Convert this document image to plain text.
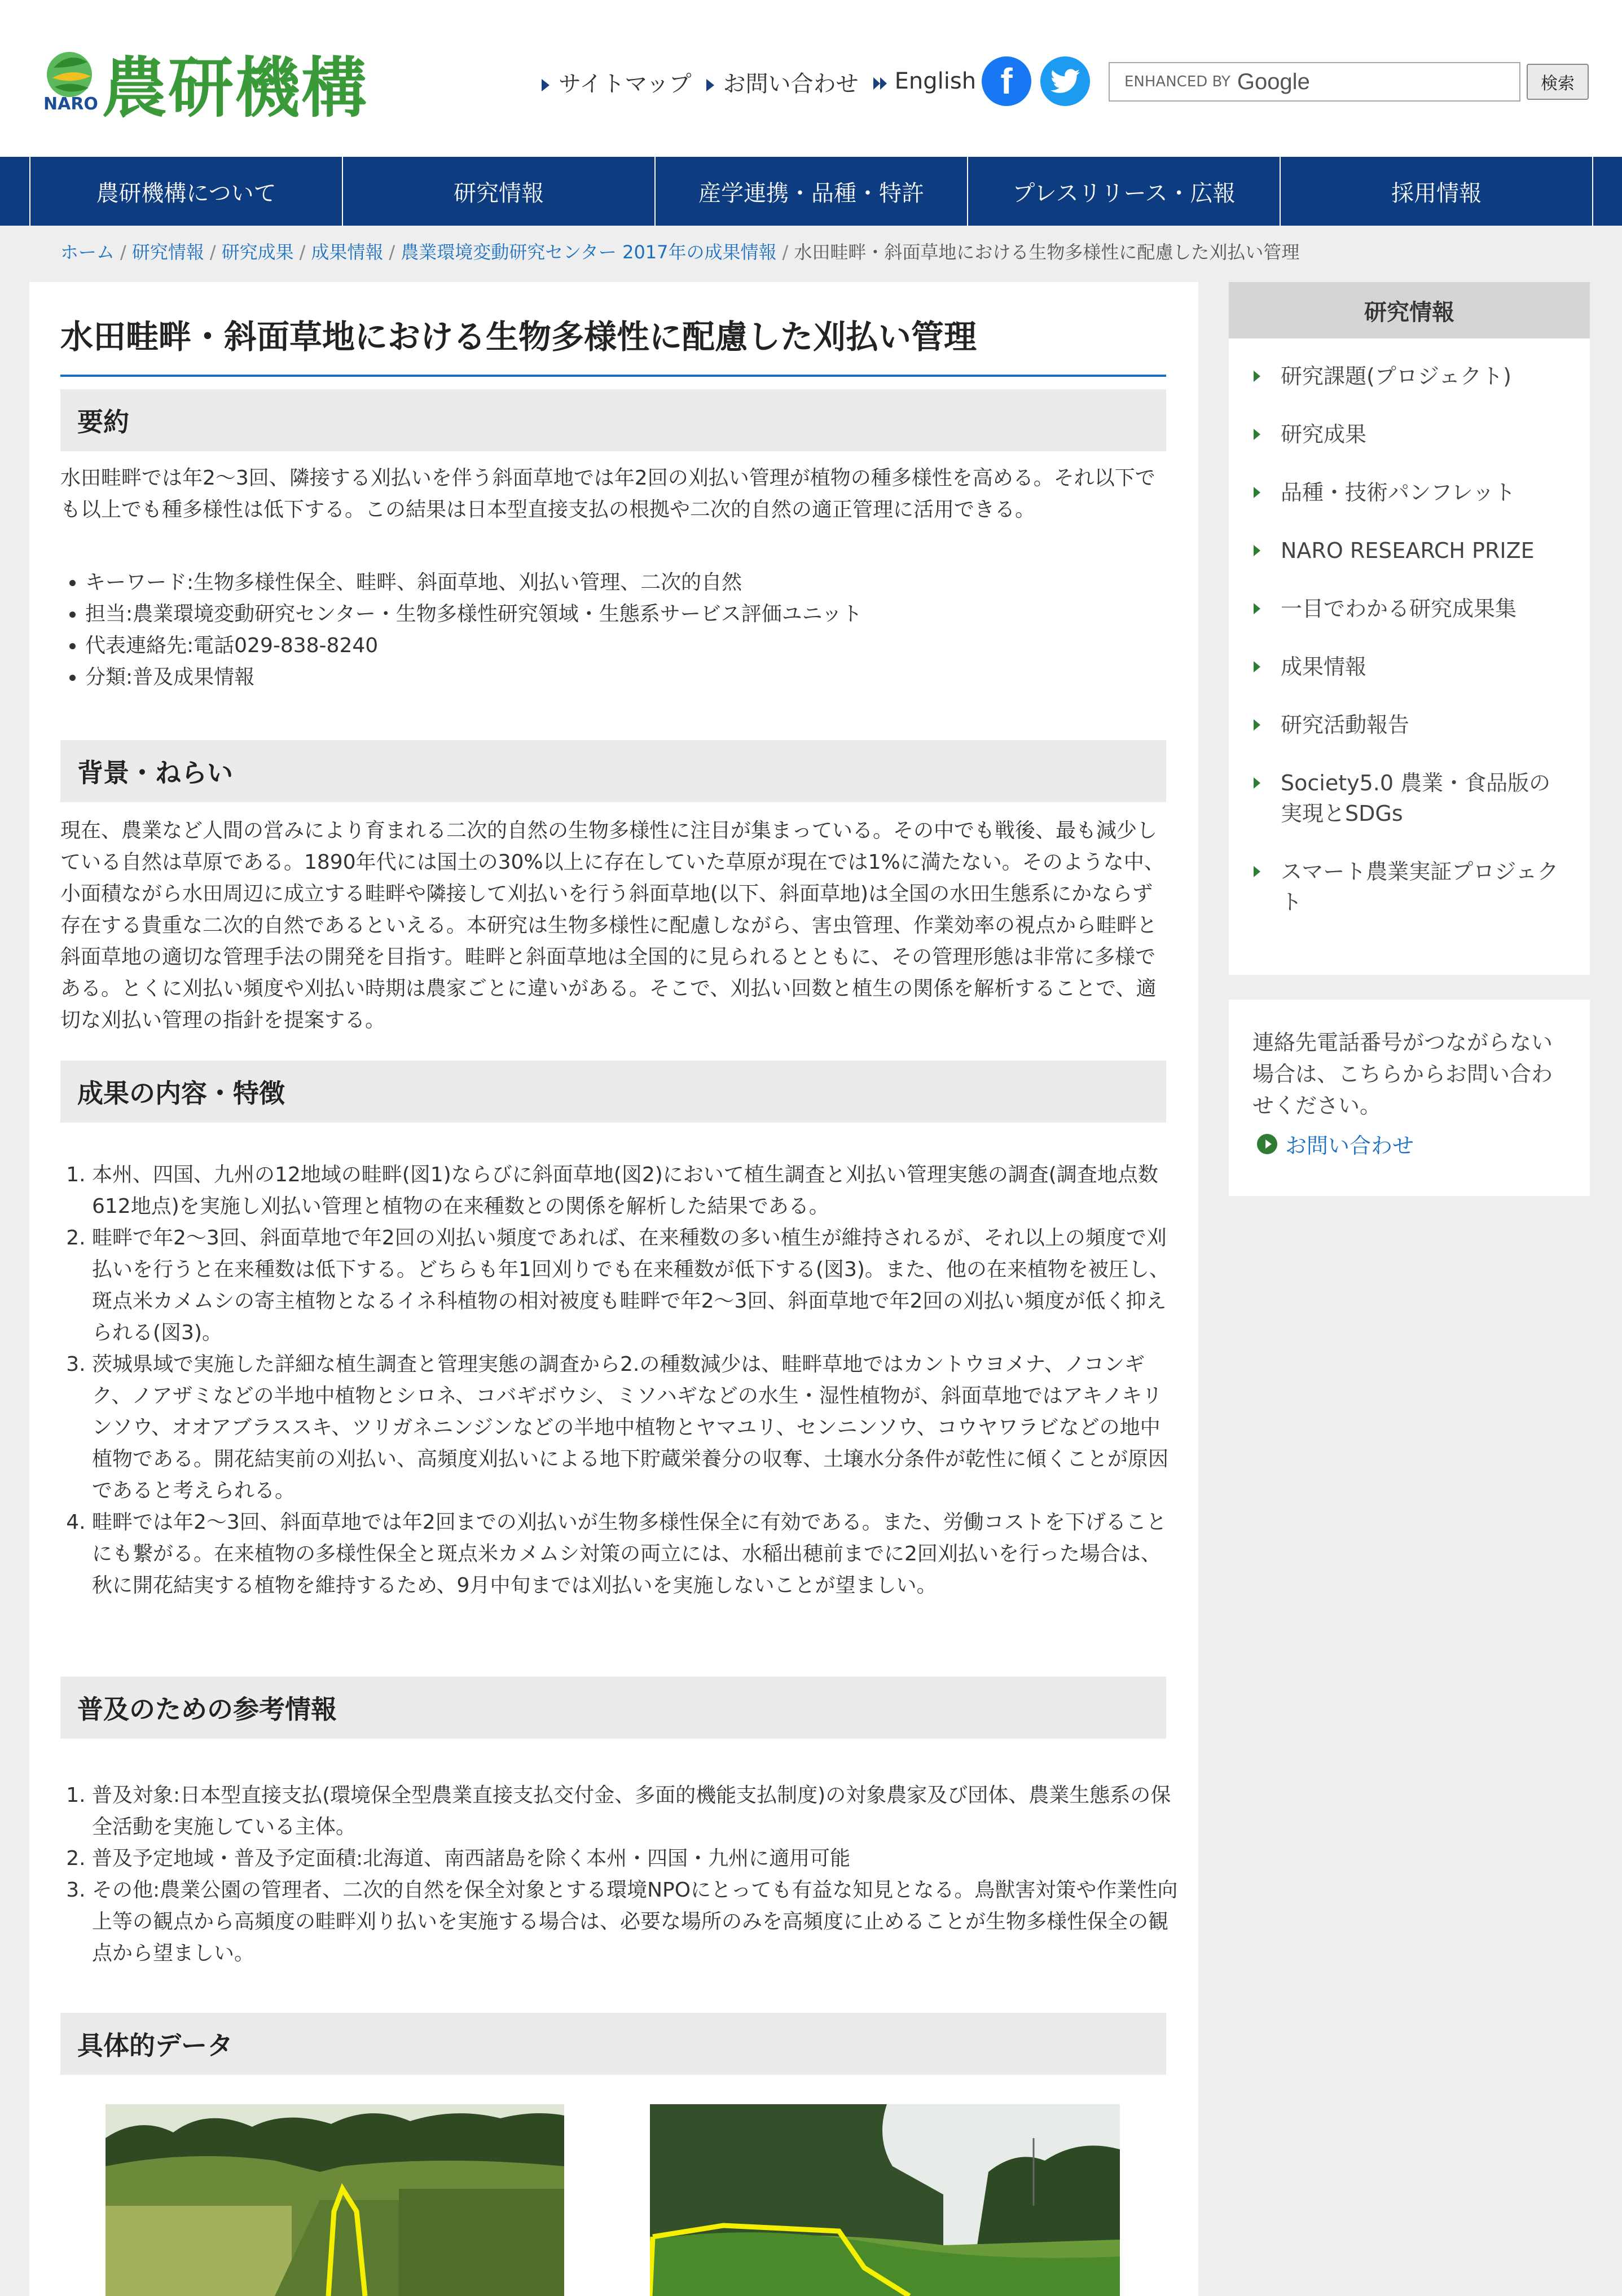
NARO 農研機構	サイトマップ	お問い合わせ	English f	ENHANCED BY Google	検索
農研機構について	研究情報	産学連携・品種・特許	プレスリリース・広報	採用情報
ホーム / 研究情報 / 研究成果 / 成果情報 / 農業環境変動研究センター 2017年の成果情報 / 水田畦畔・斜面草地における生物多様性に配慮した刈払い管理
水田畦畔・斜面草地における生物多様性に配慮した刈払い管理
要約
水田畦畔では年2～3回、隣接する刈払いを伴う斜面草地では年2回の刈払い管理が植物の種多様性を高める。それ以下でも以上でも種多様性は低下する。この結果は日本型直接支払の根拠や二次的自然の適正管理に活用できる。
• キーワード:生物多様性保全、畦畔、斜面草地、刈払い管理、二次的自然
• 担当:農業環境変動研究センター・生物多様性研究領域・生態系サービス評価ユニット
• 代表連絡先:電話029-838-8240
• 分類:普及成果情報
背景・ねらい
現在、農業など人間の営みにより育まれる二次的自然の生物多様性に注目が集まっている。その中でも戦後、最も減少している自然は草原である。1890年代には国土の30%以上に存在していた草原が現在では1%に満たない。そのような中、小面積ながら水田周辺に成立する畦畔や隣接して刈払いを行う斜面草地(以下、斜面草地)は全国の水田生態系にかならず存在する貴重な二次的自然であるといえる。本研究は生物多様性に配慮しながら、害虫管理、作業効率の視点から畦畔と斜面草地の適切な管理手法の開発を目指す。畦畔と斜面草地は全国的に見られるとともに、その管理形態は非常に多様である。とくに刈払い頻度や刈払い時期は農家ごとに違いがある。そこで、刈払い回数と植生の関係を解析することで、適切な刈払い管理の指針を提案する。
成果の内容・特徴
1. 本州、四国、九州の12地域の畦畔(図1)ならびに斜面草地(図2)において植生調査と刈払い管理実態の調査(調査地点数612地点)を実施し刈払い管理と植物の在来種数との関係を解析した結果である。
2. 畦畔で年2～3回、斜面草地で年2回の刈払い頻度であれば、在来種数の多い植生が維持されるが、それ以上の頻度で刈払いを行うと在来種数は低下する。どちらも年1回刈りでも在来種数が低下する(図3)。また、他の在来植物を被圧し、斑点米カメムシの寄主植物となるイネ科植物の相対被度も畦畔で年2～3回、斜面草地で年2回の刈払い頻度が低く抑えられる(図3)。
3. 茨城県域で実施した詳細な植生調査と管理実態の調査から2.の種数減少は、畦畔草地ではカントウヨメナ、ノコンギク、ノアザミなどの半地中植物とシロネ、コバギボウシ、ミソハギなどの水生・湿性植物が、斜面草地ではアキノキリンソウ、オオアブラススキ、ツリガネニンジンなどの半地中植物とヤマユリ、センニンソウ、コウヤワラビなどの地中植物である。開花結実前の刈払い、高頻度刈払いによる地下貯蔵栄養分の収奪、土壌水分条件が乾性に傾くことが原因であると考えられる。
4. 畦畔では年2～3回、斜面草地では年2回までの刈払いが生物多様性保全に有効である。また、労働コストを下げることにも繋がる。在来植物の多様性保全と斑点米カメムシ対策の両立には、水稲出穂前までに2回刈払いを行った場合は、秋に開花結実する植物を維持するため、9月中旬までは刈払いを実施しないことが望ましい。
普及のための参考情報
1. 普及対象:日本型直接支払(環境保全型農業直接支払交付金、多面的機能支払制度)の対象農家及び団体、農業生態系の保全活動を実施している主体。
2. 普及予定地域・普及予定面積:北海道、南西諸島を除く本州・四国・九州に適用可能
3. その他:農業公園の管理者、二次的自然を保全対象とする環境NPOにとっても有益な知見となる。鳥獣害対策や作業性向上等の観点から高頻度の畦畔刈り払いを実施する場合は、必要な場所のみを高頻度に止めることが生物多様性保全の観点から望ましい。
具体的データ
研究情報
研究課題(プロジェクト)
研究成果
品種・技術パンフレット
NARO RESEARCH PRIZE
一目でわかる研究成果集
成果情報
研究活動報告
Society5.0 農業・食品版の実現とSDGs
スマート農業実証プロジェクト
連絡先電話番号がつながらない場合は、こちらからお問い合わせください。
お問い合わせ
